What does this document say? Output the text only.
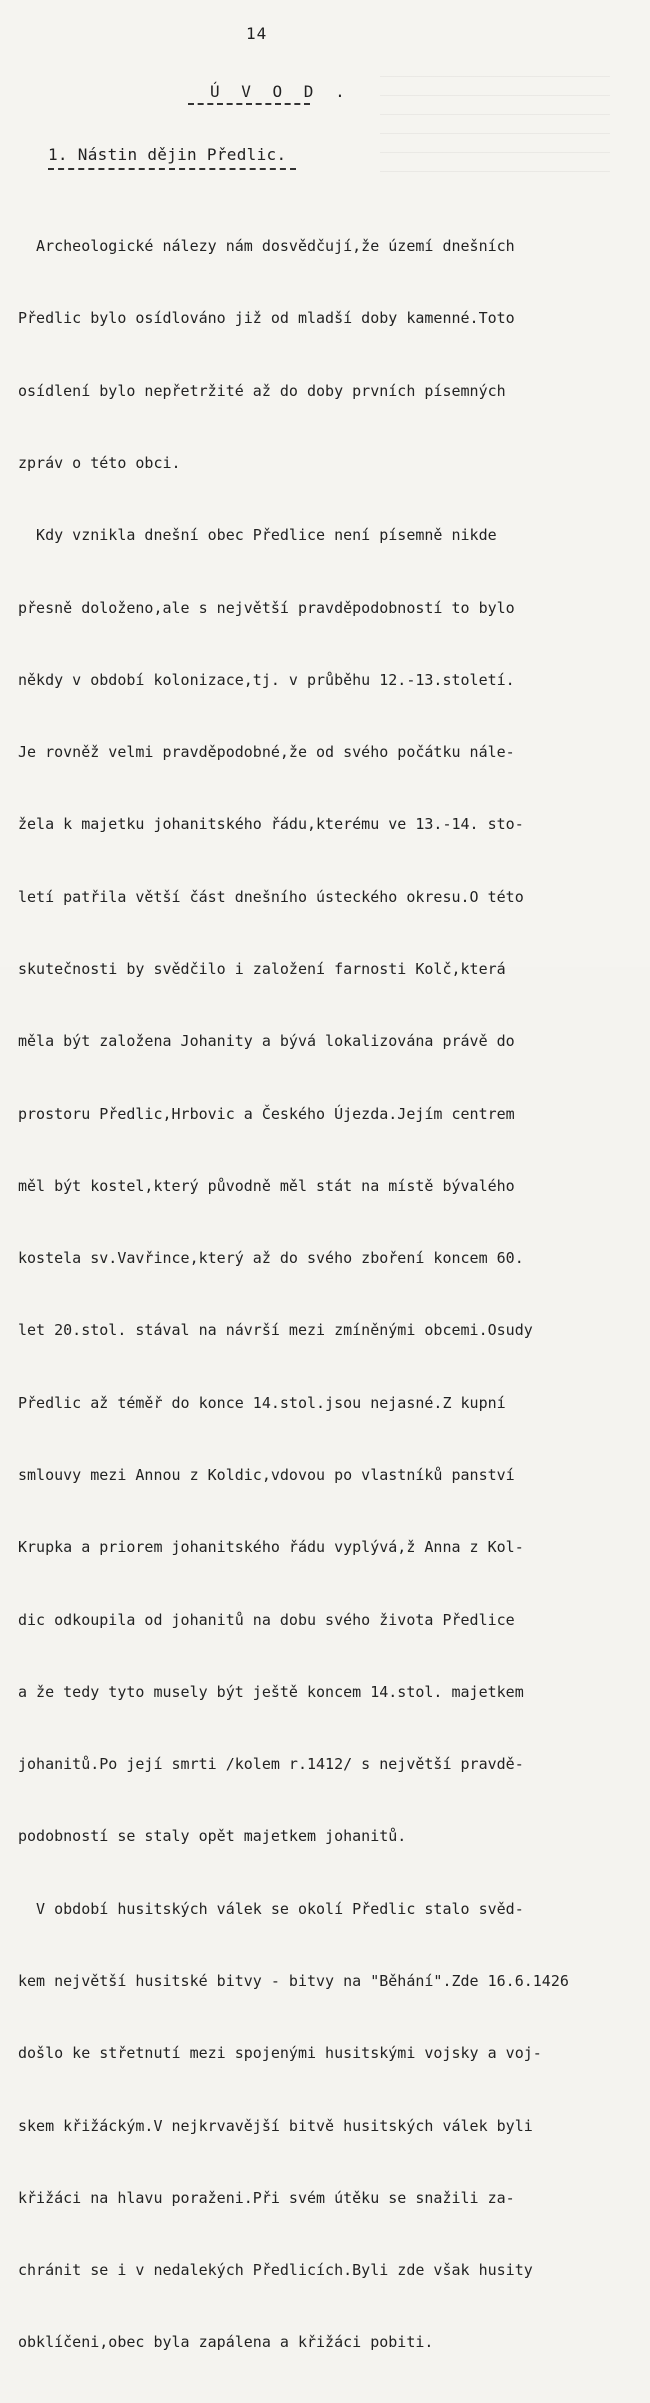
14
Ú V O D .
1. Nástin dějin Předlic.

Archeologické nálezy nám dosvědčují,že území dnešních

Předlic bylo osídlováno již od mladší doby kamenné.Toto

osídlení bylo nepřetržité až do doby prvních písemných

zpráv o této obci.

Kdy vznikla dnešní obec Předlice není písemně nikde

přesně doloženo,ale s největší pravděpodobností to bylo

někdy v období kolonizace,tj. v průběhu 12.-13.století.

Je rovněž velmi pravděpodobné,že od svého počátku nále-

žela k majetku johanitského řádu,kterému ve 13.-14. sto-

letí patřila větší část dnešního ústeckého okresu.O této

skutečnosti by svědčilo i založení farnosti Kolč,která

měla být založena Johanity a bývá lokalizována právě do

prostoru Předlic,Hrbovic a Českého Újezda.Jejím centrem

měl být kostel,který původně měl stát na místě bývalého

kostela sv.Vavřince,který až do svého zboření koncem 60.

let 20.stol. stával na návrší mezi zmíněnými obcemi.Osudy

Předlic až téměř do konce 14.stol.jsou nejasné.Z kupní

smlouvy mezi Annou z Koldic,vdovou po vlastníků panství

Krupka a priorem johanitského řádu vyplývá,ž Anna z Kol-

dic odkoupila od johanitů na dobu svého života Předlice

a že tedy tyto musely být ještě koncem 14.stol. majetkem

johanitů.Po její smrti /kolem r.1412/ s největší pravdě-

podobností se staly opět majetkem johanitů.

V období husitských válek se okolí Předlic stalo svěd-

kem největší husitské bitvy - bitvy na "Běhání".Zde 16.6.1426

došlo ke střetnutí mezi spojenými husitskými vojsky a voj-

skem křižáckým.V nejkrvavější bitvě husitských válek byli

křižáci na hlavu poraženi.Při svém útěku se snažili za-

chránit se i v nedalekých Předlicích.Byli zde však husity

obklíčeni,obec byla zapálena a křižáci pobiti.
